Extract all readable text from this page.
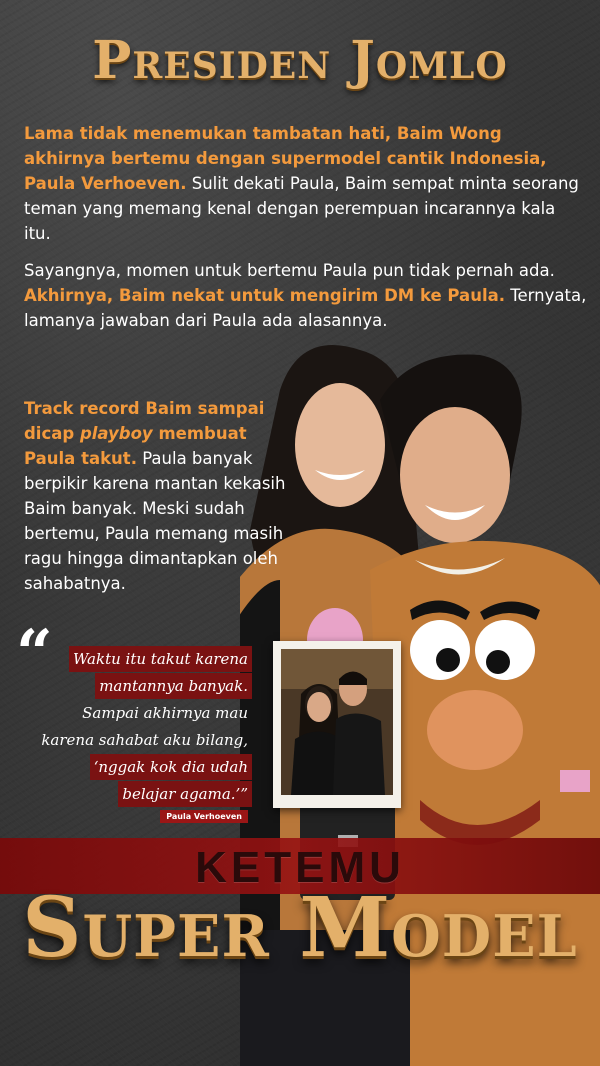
Presiden Jomlo
Lama tidak menemukan tambatan hati, Baim Wong akhirnya bertemu dengan supermodel cantik Indonesia, Paula Verhoeven. Sulit dekati Paula, Baim sempat minta seorang teman yang memang kenal dengan perempuan incarannya kala itu.
Sayangnya, momen untuk bertemu Paula pun tidak pernah ada. Akhirnya, Baim nekat untuk mengirim DM ke Paula. Ternyata, lamanya jawaban dari Paula ada alasannya.
Track record Baim sampai dicap playboy membuat Paula takut. Paula banyak berpikir karena mantan kekasih Baim banyak. Meski sudah bertemu, Paula memang masih ragu hingga dimantapkan oleh sahabatnya.
“	Waktu itu takut karena
mantannya banyak.
Sampai akhirnya mau
karena sahabat aku bilang,
‘nggak kok dia udah
belajar agama.’”
Paula Verhoeven
KETEMU
Super Model
